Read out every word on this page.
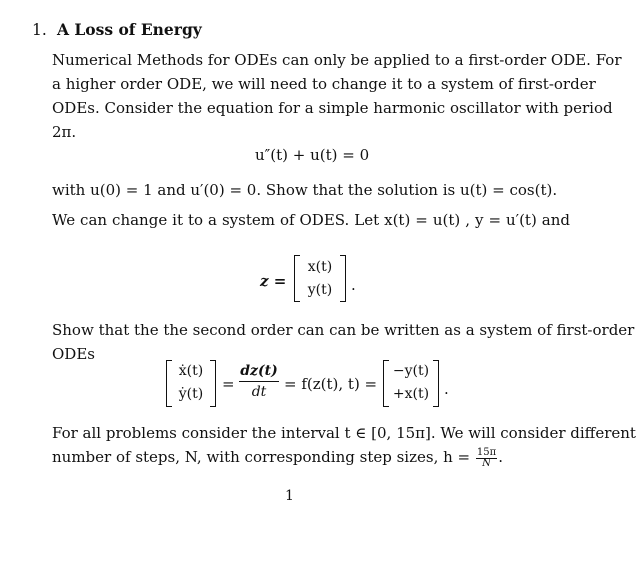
1. A Loss of Energy
Numerical Methods for ODEs can only be applied to a first-order ODE. For
a higher order ODE, we will need to change it to a system of first-order
ODEs. Consider the equation for a simple harmonic oscillator with period
2π.
u″(t) + u(t) = 0
with u(0) = 1 and u′(0) = 0. Show that the solution is u(t) = cos(t).
We can change it to a system of ODES. Let x(t) = u(t) , y = u′(t) and
z =
x(t)
y(t)	.
Show that the the second order can can be written as a system of first-order
ODEs
ẋ(t)
ẏ(t)
=
dz(t)
dt	= f(z(t), t) =
−y(t)
+x(t) .
For all problems consider the interval t ∈ [0, 15π]. We will consider different
number of steps, N, with corresponding step sizes, $h = \frac{15\pi}{N}$ .
1
